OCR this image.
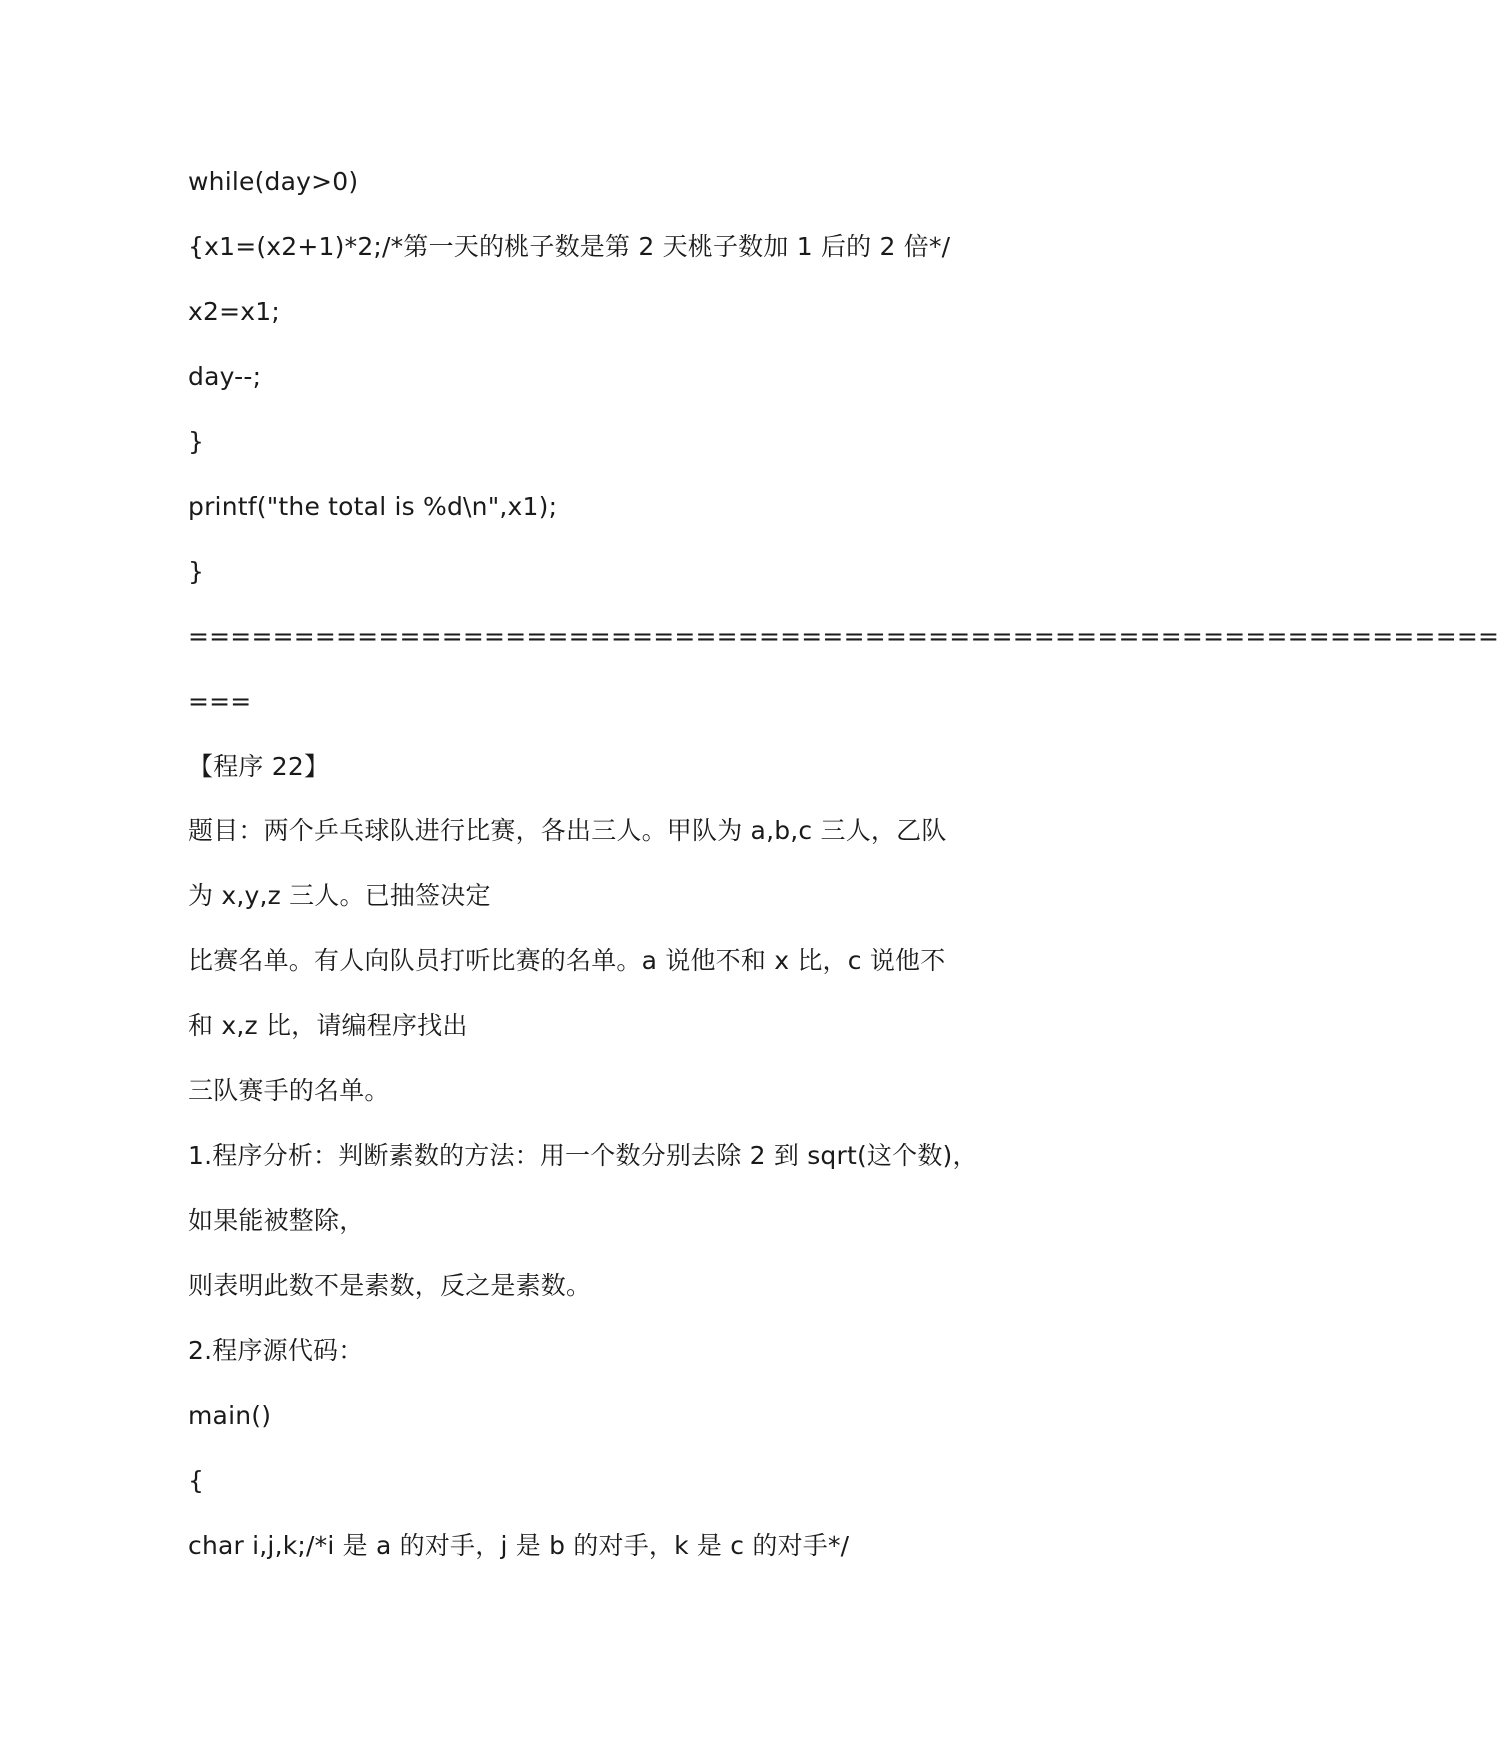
while(day>0)
{x1=(x2+1)*2;/*第一天的桃子数是第 2 天桃子数加 1 后的 2 倍*/
x2=x1;
day--;
}
printf("the total is %d\n",x1);
}
==============================================================
===
【程序 22】
题目：两个乒乓球队进行比赛，各出三人。甲队为 a,b,c 三人，乙队
为 x,y,z 三人。已抽签决定
比赛名单。有人向队员打听比赛的名单。a 说他不和 x 比，c 说他不
和 x,z 比，请编程序找出
三队赛手的名单。
1.程序分析：判断素数的方法：用一个数分别去除 2 到 sqrt(这个数)，
如果能被整除，
则表明此数不是素数，反之是素数。
2.程序源代码：
main()
{
char i,j,k;/*i 是 a 的对手，j 是 b 的对手，k 是 c 的对手*/
